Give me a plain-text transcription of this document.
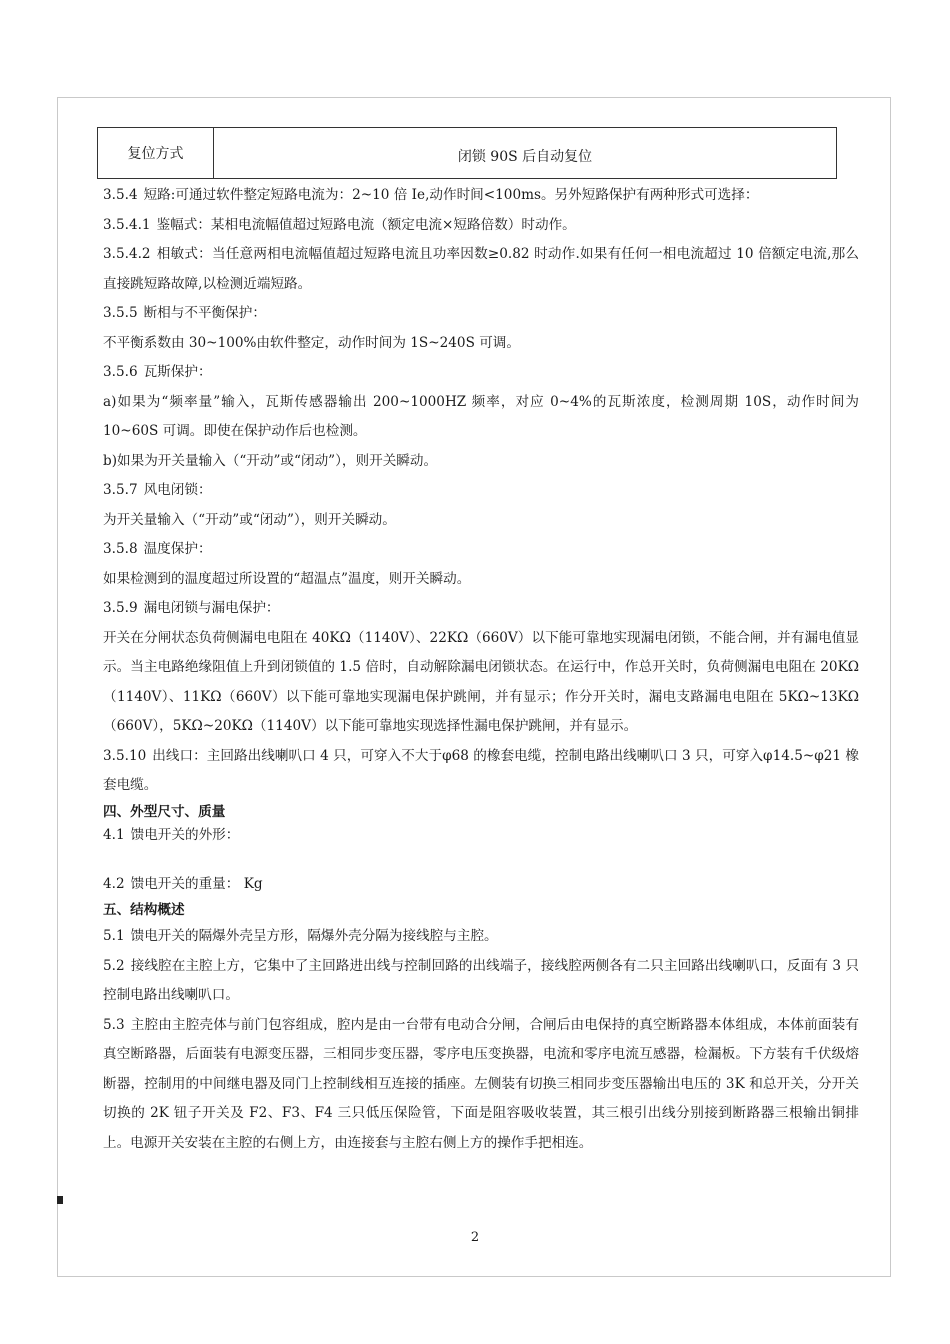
复位方式	闭锁 90S 后自动复位

3.5.4 短路:可通过软件整定短路电流为：2~10 倍 Ie,动作时间<100ms。另外短路保护有两种形式可选择：

3.5.4.1 鉴幅式：某相电流幅值超过短路电流（额定电流×短路倍数）时动作。

3.5.4.2 相敏式：当任意两相电流幅值超过短路电流且功率因数≥0.82 时动作.如果有任何一相电流超过 10 倍额定电流,那么直接跳短路故障,以检测近端短路。

3.5.5 断相与不平衡保护：

不平衡系数由 30~100%由软件整定，动作时间为 1S~240S 可调。

3.5.6 瓦斯保护：

a)如果为“频率量”输入，瓦斯传感器输出 200~1000HZ 频率，对应 0~4%的瓦斯浓度，检测周期 10S，动作时间为 10~60S 可调。即使在保护动作后也检测。

b)如果为开关量输入（“开动”或“闭动”），则开关瞬动。

3.5.7 风电闭锁：

为开关量输入（“开动”或“闭动”），则开关瞬动。

3.5.8 温度保护：

如果检测到的温度超过所设置的“超温点”温度，则开关瞬动。

3.5.9 漏电闭锁与漏电保护：

开关在分闸状态负荷侧漏电电阻在 40KΩ（1140V）、22KΩ（660V）以下能可靠地实现漏电闭锁，不能合闸，并有漏电值显示。当主电路绝缘阻值上升到闭锁值的 1.5 倍时，自动解除漏电闭锁状态。在运行中，作总开关时，负荷侧漏电电阻在 20KΩ（1140V）、11KΩ（660V）以下能可靠地实现漏电保护跳闸，并有显示；作分开关时，漏电支路漏电电阻在 5KΩ~13KΩ（660V），5KΩ~20KΩ（1140V）以下能可靠地实现选择性漏电保护跳闸，并有显示。

3.5.10 出线口：主回路出线喇叭口 4 只，可穿入不大于φ68 的橡套电缆，控制电路出线喇叭口 3 只，可穿入φ14.5~φ21 橡套电缆。

四、外型尺寸、质量

4.1 馈电开关的外形：

4.2 馈电开关的重量： Kg

五、结构概述

5.1 馈电开关的隔爆外壳呈方形，隔爆外壳分隔为接线腔与主腔。

5.2 接线腔在主腔上方，它集中了主回路进出线与控制回路的出线端子，接线腔两侧各有二只主回路出线喇叭口，反面有 3 只控制电路出线喇叭口。

5.3 主腔由主腔壳体与前门包容组成，腔内是由一台带有电动合分闸，合闸后由电保持的真空断路器本体组成，本体前面装有真空断路器，后面装有电源变压器，三相同步变压器，零序电压变换器，电流和零序电流互感器，检漏板。下方装有千伏级熔断器，控制用的中间继电器及同门上控制线相互连接的插座。左侧装有切换三相同步变压器输出电压的 3K 和总开关，分开关切换的 2K 钮子开关及 F2、F3、F4 三只低压保险管，下面是阻容吸收装置，其三根引出线分别接到断路器三根输出铜排上。电源开关安装在主腔的右侧上方，由连接套与主腔右侧上方的操作手把相连。

2
